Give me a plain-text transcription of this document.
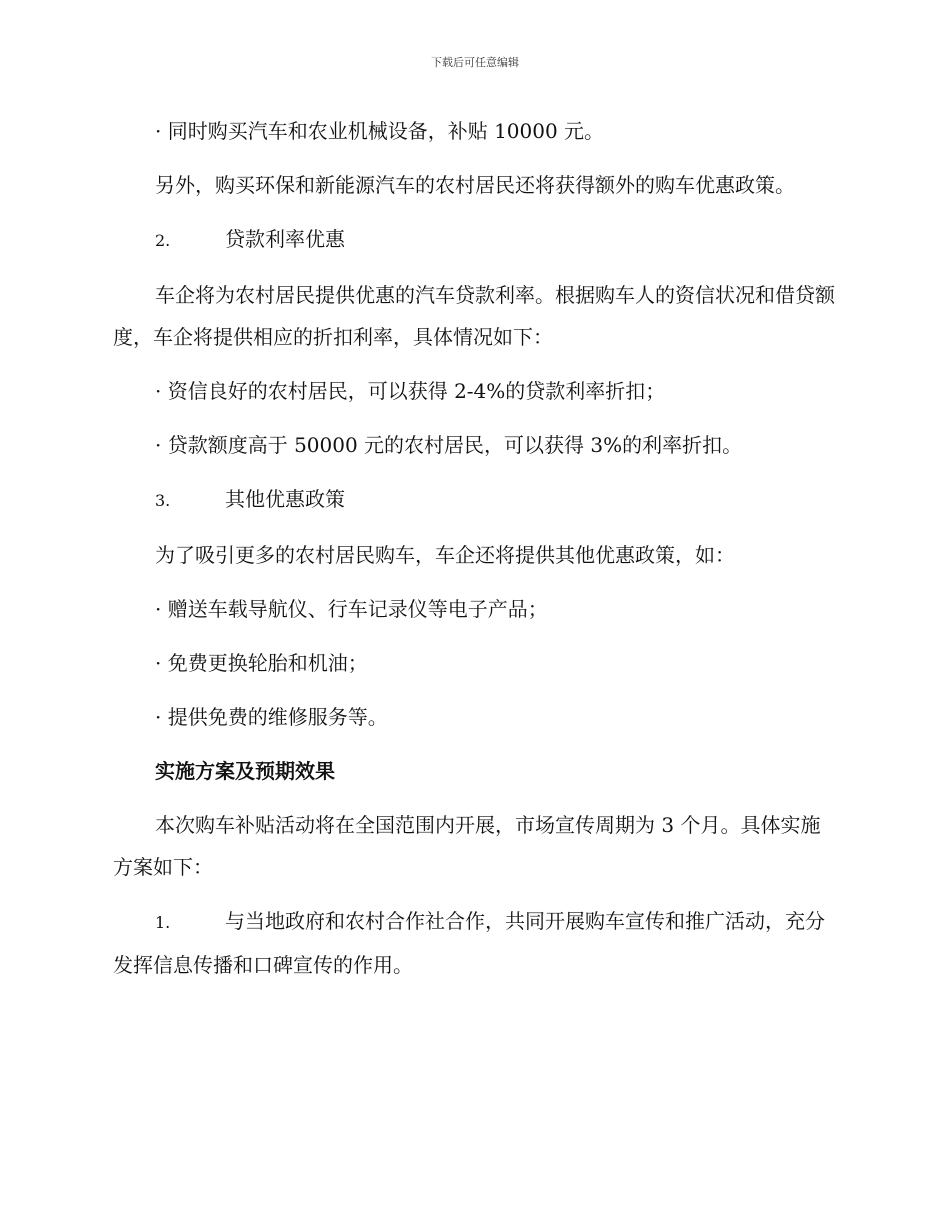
下载后可任意编辑

· 同时购买汽车和农业机械设备，补贴 10000 元。

另外，购买环保和新能源汽车的农村居民还将获得额外的购车优惠政策。

2.	贷款利率优惠

车企将为农村居民提供优惠的汽车贷款利率。根据购车人的资信状况和借贷额度，车企将提供相应的折扣利率，具体情况如下：

· 资信良好的农村居民，可以获得 2-4%的贷款利率折扣；

· 贷款额度高于 50000 元的农村居民，可以获得 3%的利率折扣。

3.	其他优惠政策

为了吸引更多的农村居民购车，车企还将提供其他优惠政策，如：

· 赠送车载导航仪、行车记录仪等电子产品；

· 免费更换轮胎和机油；

· 提供免费的维修服务等。

实施方案及预期效果

本次购车补贴活动将在全国范围内开展，市场宣传周期为 3 个月。具体实施方案如下：

1.	与当地政府和农村合作社合作，共同开展购车宣传和推广活动，充分发挥信息传播和口碑宣传的作用。
